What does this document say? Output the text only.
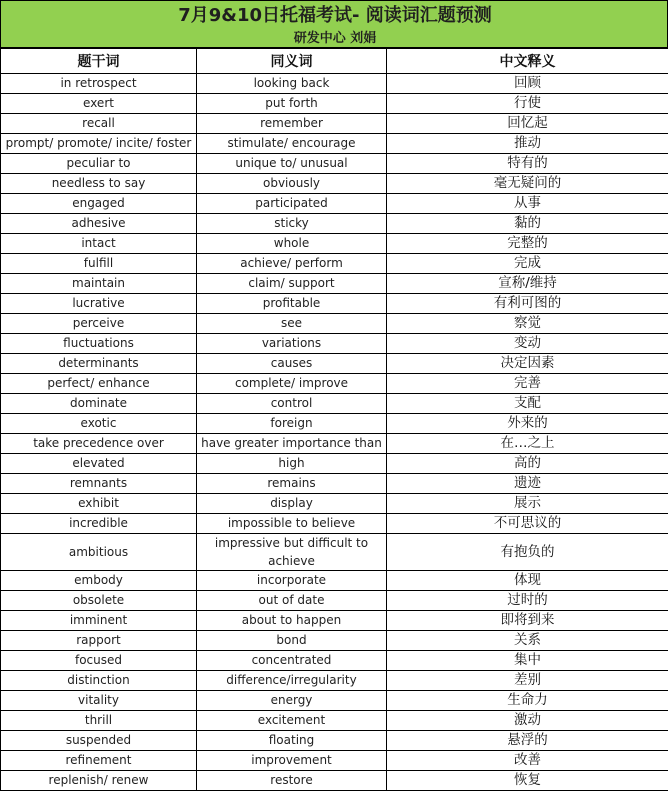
7月9&10日托福考试- 阅读词汇题预测
研发中心 刘娟
题干词	同义词	中文释义
in retrospect	looking back	回顾
exert	put forth	行使
recall	remember	回忆起
prompt/ promote/ incite/ foster	stimulate/ encourage	推动
peculiar to	unique to/ unusual	特有的
needless to say	obviously	毫无疑问的
engaged	participated	从事
adhesive	sticky	黏的
intact	whole	完整的
fulfill	achieve/ perform	完成
maintain	claim/ support	宣称/维持
lucrative	profitable	有利可图的
perceive	see	察觉
fluctuations	variations	变动
determinants	causes	决定因素
perfect/ enhance	complete/ improve	完善
dominate	control	支配
exotic	foreign	外来的
take precedence over	have greater importance than	在…之上
elevated	high	高的
remnants	remains	遗迹
exhibit	display	展示
incredible	impossible to believe	不可思议的
ambitious	impressive but difficult to achieve	有抱负的
embody	incorporate	体现
obsolete	out of date	过时的
imminent	about to happen	即将到来
rapport	bond	关系
focused	concentrated	集中
distinction	difference/irregularity	差别
vitality	energy	生命力
thrill	excitement	激动
suspended	floating	悬浮的
refinement	improvement	改善
replenish/ renew	restore	恢复
